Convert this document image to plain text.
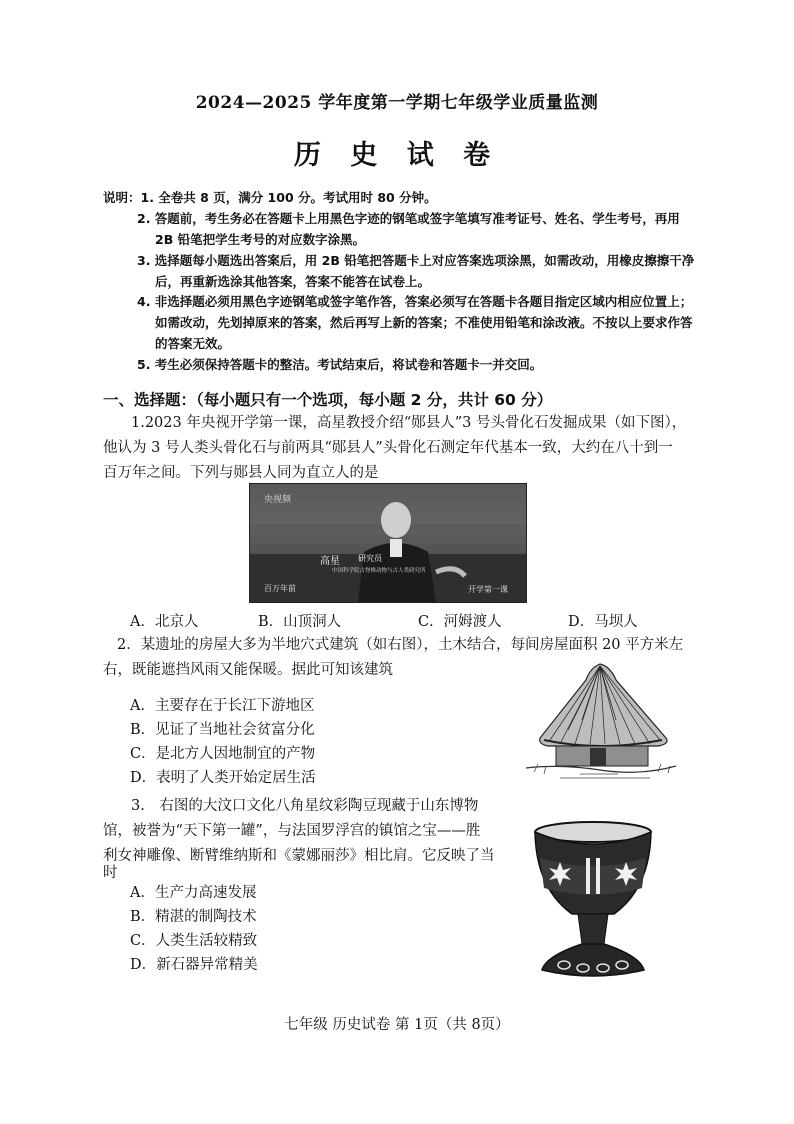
2024—2025 学年度第一学期七年级学业质量监测
历 史 试 卷
说明：1. 全卷共 8 页，满分 100 分。考试用时 80 分钟。
2. 答题前，考生务必在答题卡上用黑色字迹的钢笔或签字笔填写准考证号、姓名、学生考号，再用
2B 铅笔把学生考号的对应数字涂黑。
3. 选择题每小题选出答案后，用 2B 铅笔把答题卡上对应答案选项涂黑，如需改动，用橡皮擦擦干净
后，再重新选涂其他答案，答案不能答在试卷上。
4. 非选择题必须用黑色字迹钢笔或签字笔作答，答案必须写在答题卡各题目指定区域内相应位置上；
如需改动，先划掉原来的答案，然后再写上新的答案；不准使用铅笔和涂改液。不按以上要求作答
的答案无效。
5. 考生必须保持答题卡的整洁。考试结束后，将试卷和答题卡一并交回。
一、选择题：（每小题只有一个选项，每小题 2 分，共计 60 分）
1.2023 年央视开学第一课，高星教授介绍“郧县人”3 号头骨化石发掘成果（如下图），
他认为 3 号人类头骨化石与前两具“郧县人”头骨化石测定年代基本一致，大约在八十到一
百万年之间。下列与郧县人同为直立人的是
央视频
高星 研究员
中国科学院古脊椎动物与古人类研究所
百万年前	开学第一课
A．北京人	B．山顶洞人	C．河姆渡人	D．马坝人
2．某遗址的房屋大多为半地穴式建筑（如右图），土木结合，每间房屋面积 20 平方米左
右，既能遮挡风雨又能保暖。据此可知该建筑
A．主要存在于长江下游地区
B．见证了当地社会贫富分化
C．是北方人因地制宜的产物
D．表明了人类开始定居生活
3.　右图的大汶口文化八角星纹彩陶豆现藏于山东博物
馆，被誉为“天下第一罐”，与法国罗浮宫的镇馆之宝——胜
利女神雕像、断臂维纳斯和《蒙娜丽莎》相比肩。它反映了当
时
A．生产力高速发展
B．精湛的制陶技术
C．人类生活较精致
D．新石器异常精美
七年级 历史试卷 第 1页（共 8页）
